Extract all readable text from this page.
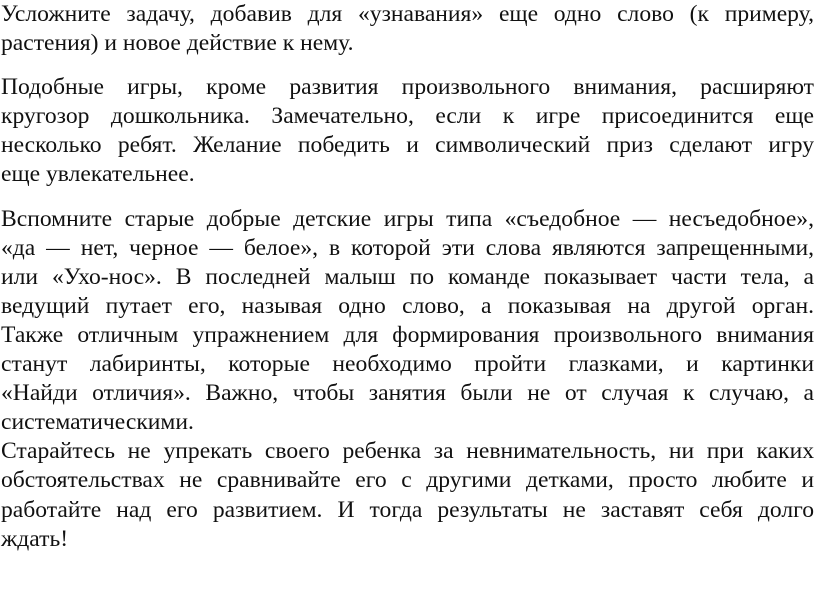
Усложните задачу, добавив для «узнавания» еще одно слово (к примеру,
растения) и новое действие к нему.
Подобные игры, кроме развития произвольного внимания, расширяют
кругозор дошкольника. Замечательно, если к игре присоединится еще
несколько ребят. Желание победить и символический приз сделают игру
еще увлекательнее.
Вспомните старые добрые детские игры типа «съедобное — несъедобное»,
«да — нет, черное — белое», в которой эти слова являются запрещенными,
или «Ухо-нос». В последней малыш по команде показывает части тела, а
ведущий путает его, называя одно слово, а показывая на другой орган.
Также отличным упражнением для формирования произвольного внимания
станут лабиринты, которые необходимо пройти глазками, и картинки
«Найди отличия». Важно, чтобы занятия были не от случая к случаю, а
систематическими.
Старайтесь не упрекать своего ребенка за невнимательность, ни при каких
обстоятельствах не сравнивайте его с другими детками, просто любите и
работайте над его развитием. И тогда результаты не заставят себя долго
ждать!
